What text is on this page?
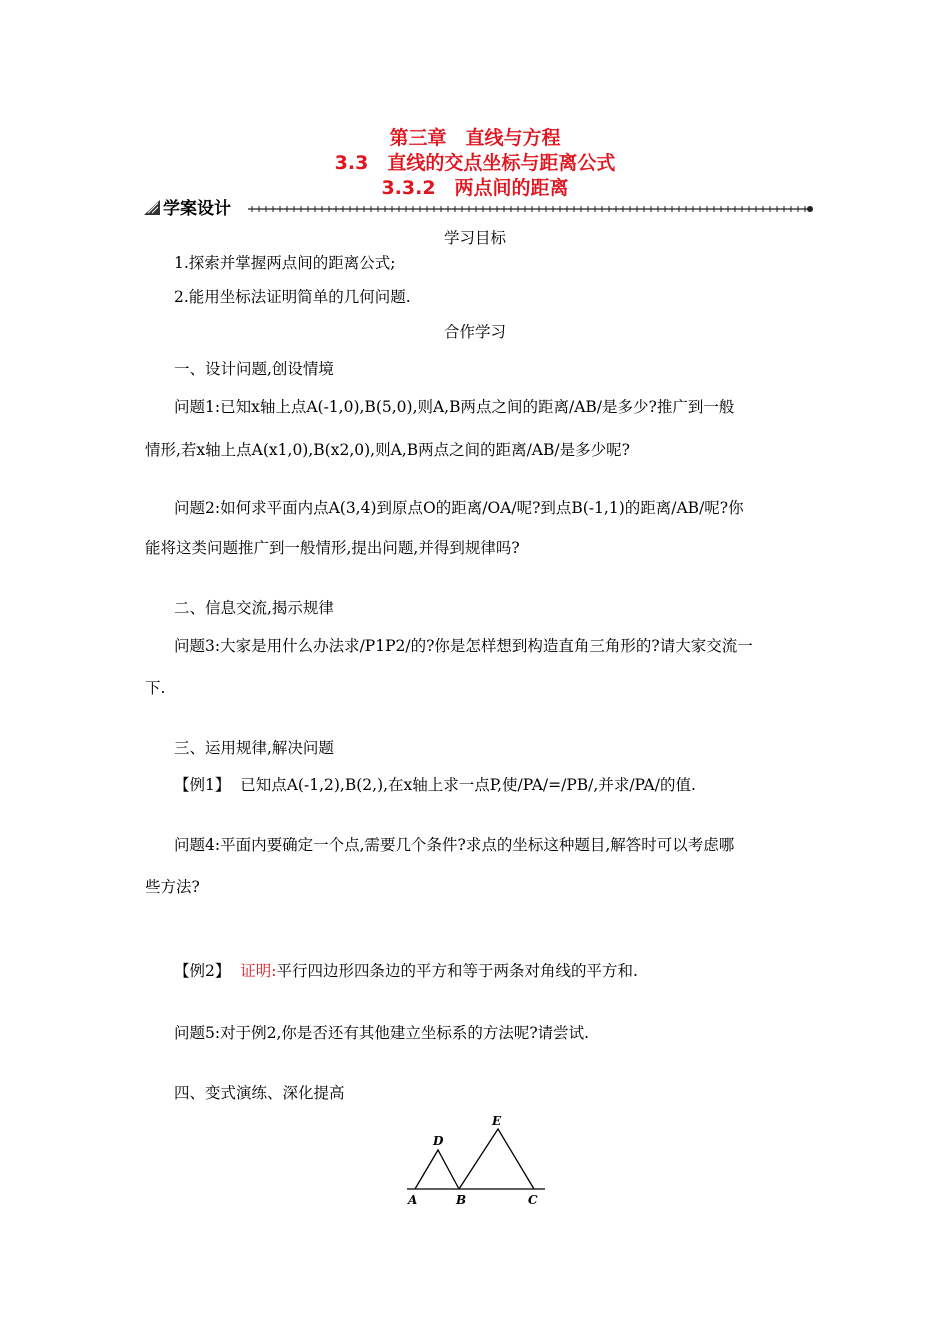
第三章　直线与方程
3.3　直线的交点坐标与距离公式
3.3.2　两点间的距离
学案设计
学习目标
1.探索并掌握两点间的距离公式;
2.能用坐标法证明简单的几何问题.
合作学习
一、设计问题,创设情境
问题1:已知x轴上点A(-1,0),B(5,0),则A,B两点之间的距离/AB/是多少?推广到一般
情形,若x轴上点A(x1,0),B(x2,0),则A,B两点之间的距离/AB/是多少呢?
问题2:如何求平面内点A(3,4)到原点O的距离/OA/呢?到点B(-1,1)的距离/AB/呢?你
能将这类问题推广到一般情形,提出问题,并得到规律吗?
二、信息交流,揭示规律
问题3:大家是用什么办法求/P1P2/的?你是怎样想到构造直角三角形的?请大家交流一
下.
三、运用规律,解决问题
【例1】 已知点A(-1,2),B(2,),在x轴上求一点P,使/PA/=/PB/,并求/PA/的值.
问题4:平面内要确定一个点,需要几个条件?求点的坐标这种题目,解答时可以考虑哪
些方法?
【例2】 证明:平行四边形四条边的平方和等于两条对角线的平方和.
问题5:对于例2,你是否还有其他建立坐标系的方法呢?请尝试.
四、变式演练、深化提高
D
E
A	B	C
